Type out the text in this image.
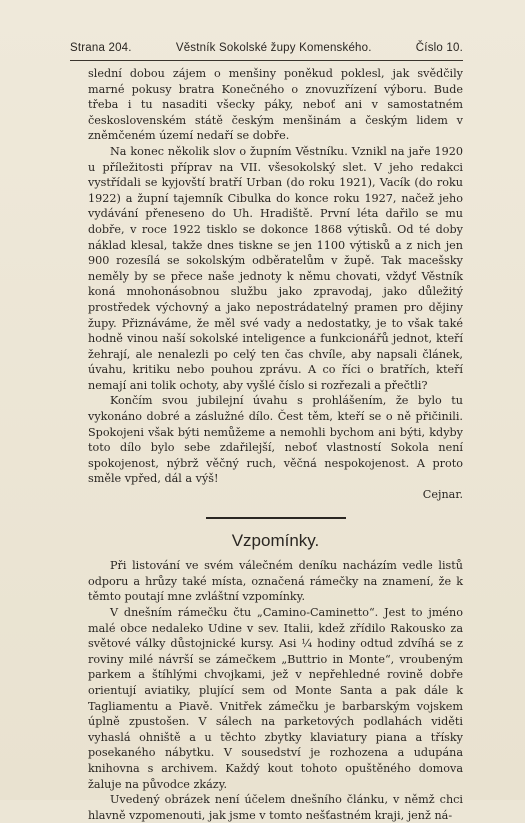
Strana 204.	Věstník Sokolské župy Komenského.	Číslo 10.

slední dobou zájem o menšiny poněkud poklesl, jak svědčily marné pokusy bratra Konečného o znovuzřízení výboru. Bude třeba i tu nasaditi všecky páky, neboť ani v samostatném československém státě českým menšinám a českým lidem v zněmčeném území nedaří se dobře.

Na konec několik slov o župním Věstníku. Vznikl na jaře 1920 u příležitosti příprav na VII. všesokolský slet. V jeho redakci vystřídali se kyjovští bratří Urban (do roku 1921), Vacík (do roku 1922) a župní tajemník Cibulka do konce roku 1927, načež jeho vydávání přeneseno do Uh. Hradiště. První léta dařilo se mu dobře, v roce 1922 tisklo se dokonce 1868 výtisků. Od té doby náklad klesal, takže dnes tiskne se jen 1100 výtisků a z nich jen 900 rozesílá se sokolským odběratelům v župě. Tak macešsky neměly by se přece naše jednoty k němu chovati, vždyť Věstník koná mnohonásobnou službu jako zpravodaj, jako důležitý prostředek výchovný a jako nepostrádatelný pramen pro dějiny župy. Přiznáváme, že měl své vady a nedostatky, je to však také hodně vinou naší sokolské inteligence a funkcionářů jednot, kteří žehrají, ale nenalezli po celý ten čas chvíle, aby napsali článek, úvahu, kritiku nebo pouhou zprávu. A co říci o bratřích, kteří nemají ani tolik ochoty, aby vyšlé číslo si rozřezali a přečtli?

Končím svou jubilejní úvahu s prohlášením, že bylo tu vykonáno dobré a záslužné dílo. Čest těm, kteří se o ně přičinili. Spokojeni však býti nemůžeme a nemohli bychom ani býti, kdyby toto dílo bylo sebe zdařilejší, neboť vlastností Sokola není spokojenost, nýbrž věčný ruch, věčná nespokojenost. A proto směle vpřed, dál a výš!

Cejnar.
Vzpomínky.

Při listování ve svém válečném deníku nacházím vedle listů odporu a hrůzy také místa, označená rámečky na znamení, že k těmto poutají mne zvláštní vzpomínky.

V dnešním rámečku čtu „Camino-Caminetto“. Jest to jméno malé obce nedaleko Udine v sev. Italii, kdež zřídilo Rakousko za světové války důstojnické kursy. Asi ¼ hodiny odtud zdvíhá se z roviny milé návrší se zámečkem „Buttrio in Monte“, vroubeným parkem a štíhlými chvojkami, jež v nepřehledné rovině dobře orientují aviatiky, plující sem od Monte Santa a pak dále k Tagliamentu a Piavě. Vnitřek zámečku je barbarským vojskem úplně zpustošen. V sálech na parketových podlahách viděti vyhaslá ohniště a u těchto zbytky klaviatury piana a třísky posekaného nábytku. V sousedství je rozhozena a udupána knihovna s archivem. Každý kout tohoto opuštěného domova žaluje na původce zkázy.

Uvedený obrázek není účelem dnešního článku, v němž chci hlavně vzpomenouti, jak jsme v tomto nešťastném kraji, jenž ná-
